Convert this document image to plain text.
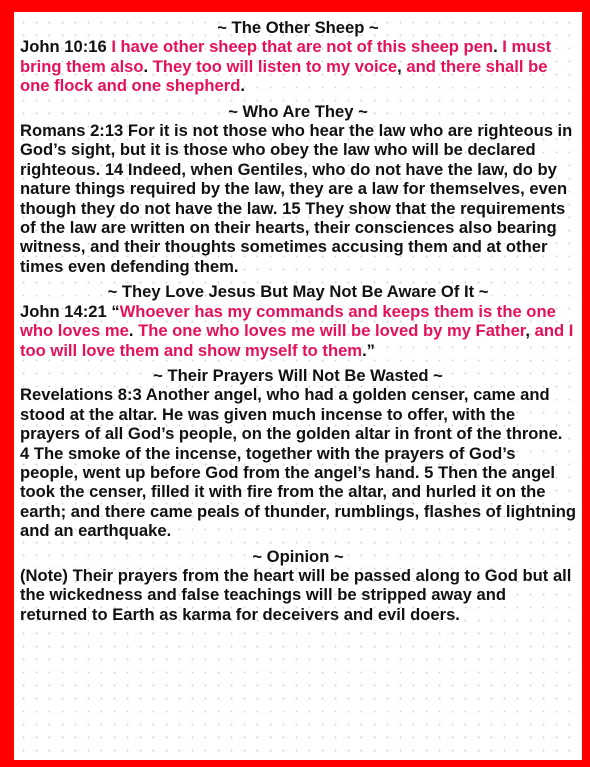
~ The Other Sheep ~

John 10:16 I have other sheep that are not of this sheep pen. I must bring them also. They too will listen to my voice, and there shall be one flock and one shepherd.

~ Who Are They ~

Romans 2:13 For it is not those who hear the law who are righteous in God’s sight, but it is those who obey the law who will be declared righteous. 14 Indeed, when Gentiles, who do not have the law, do by nature things required by the law, they are a law for themselves, even though they do not have the law. 15 They show that the requirements of the law are written on their hearts, their consciences also bearing witness, and their thoughts sometimes accusing them and at other times even defending them.

~ They Love Jesus But May Not Be Aware Of It ~

John 14:21 “Whoever has my commands and keeps them is the one who loves me. The one who loves me will be loved by my Father, and I too will love them and show myself to them.”

~ Their Prayers Will Not Be Wasted ~

Revelations 8:3 Another angel, who had a golden censer, came and stood at the altar. He was given much incense to offer, with the prayers of all God’s people, on the golden altar in front of the throne. 4 The smoke of the incense, together with the prayers of God’s people, went up before God from the angel’s hand. 5 Then the angel took the censer, filled it with fire from the altar, and hurled it on the earth; and there came peals of thunder, rumblings, flashes of lightning and an earthquake.

~ Opinion ~

(Note) Their prayers from the heart will be passed along to God but all the wickedness and false teachings will be stripped away and returned to Earth as karma for deceivers and evil doers.
